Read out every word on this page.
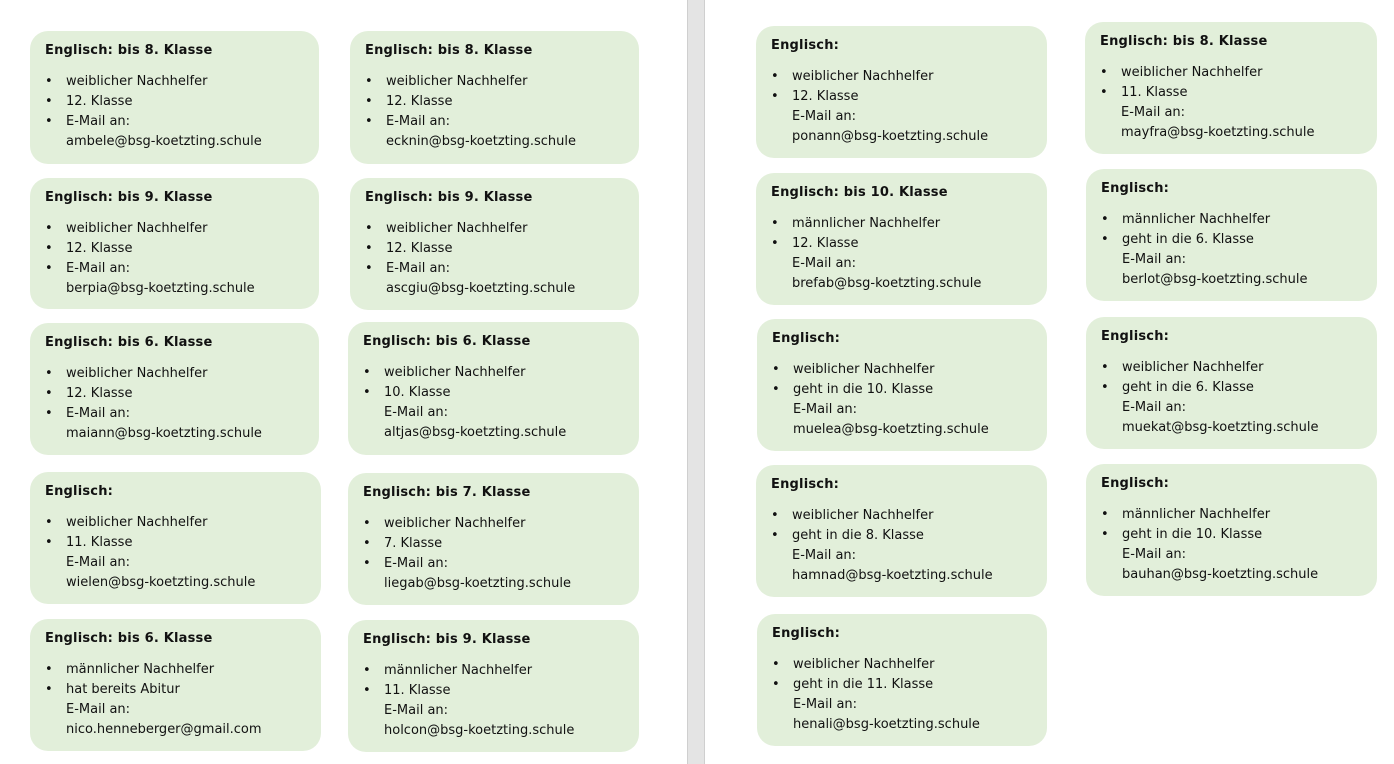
Englisch: bis 8. Klasse
• weiblicher Nachhelfer
• 12. Klasse
• E-Mail an:
ambele@bsg-koetzting.schule
Englisch: bis 9. Klasse
• weiblicher Nachhelfer
• 12. Klasse
• E-Mail an:
berpia@bsg-koetzting.schule
Englisch: bis 6. Klasse
• weiblicher Nachhelfer
• 12. Klasse
• E-Mail an:
maiann@bsg-koetzting.schule
Englisch:
• weiblicher Nachhelfer
• 11. Klasse
E-Mail an:
wielen@bsg-koetzting.schule
Englisch: bis 6. Klasse
• männlicher Nachhelfer
• hat bereits Abitur
E-Mail an:
nico.henneberger@gmail.com
Englisch: bis 8. Klasse
• weiblicher Nachhelfer
• 12. Klasse
• E-Mail an:
ecknin@bsg-koetzting.schule
Englisch: bis 9. Klasse
• weiblicher Nachhelfer
• 12. Klasse
• E-Mail an:
ascgiu@bsg-koetzting.schule
Englisch: bis 6. Klasse
• weiblicher Nachhelfer
• 10. Klasse
E-Mail an:
altjas@bsg-koetzting.schule
Englisch: bis 7. Klasse
• weiblicher Nachhelfer
• 7. Klasse
• E-Mail an:
liegab@bsg-koetzting.schule
Englisch: bis 9. Klasse
• männlicher Nachhelfer
• 11. Klasse
E-Mail an:
holcon@bsg-koetzting.schule
Englisch:
• weiblicher Nachhelfer
• 12. Klasse
E-Mail an:
ponann@bsg-koetzting.schule
Englisch: bis 10. Klasse
• männlicher Nachhelfer
• 12. Klasse
E-Mail an:
brefab@bsg-koetzting.schule
Englisch:
• weiblicher Nachhelfer
• geht in die 10. Klasse
E-Mail an:
muelea@bsg-koetzting.schule
Englisch:
• weiblicher Nachhelfer
• geht in die 8. Klasse
E-Mail an:
hamnad@bsg-koetzting.schule
Englisch:
• weiblicher Nachhelfer
• geht in die 11. Klasse
E-Mail an:
henali@bsg-koetzting.schule
Englisch: bis 8. Klasse
• weiblicher Nachhelfer
• 11. Klasse
E-Mail an:
mayfra@bsg-koetzting.schule
Englisch:
• männlicher Nachhelfer
• geht in die 6. Klasse
E-Mail an:
berlot@bsg-koetzting.schule
Englisch:
• weiblicher Nachhelfer
• geht in die 6. Klasse
E-Mail an:
muekat@bsg-koetzting.schule
Englisch:
• männlicher Nachhelfer
• geht in die 10. Klasse
E-Mail an:
bauhan@bsg-koetzting.schule
